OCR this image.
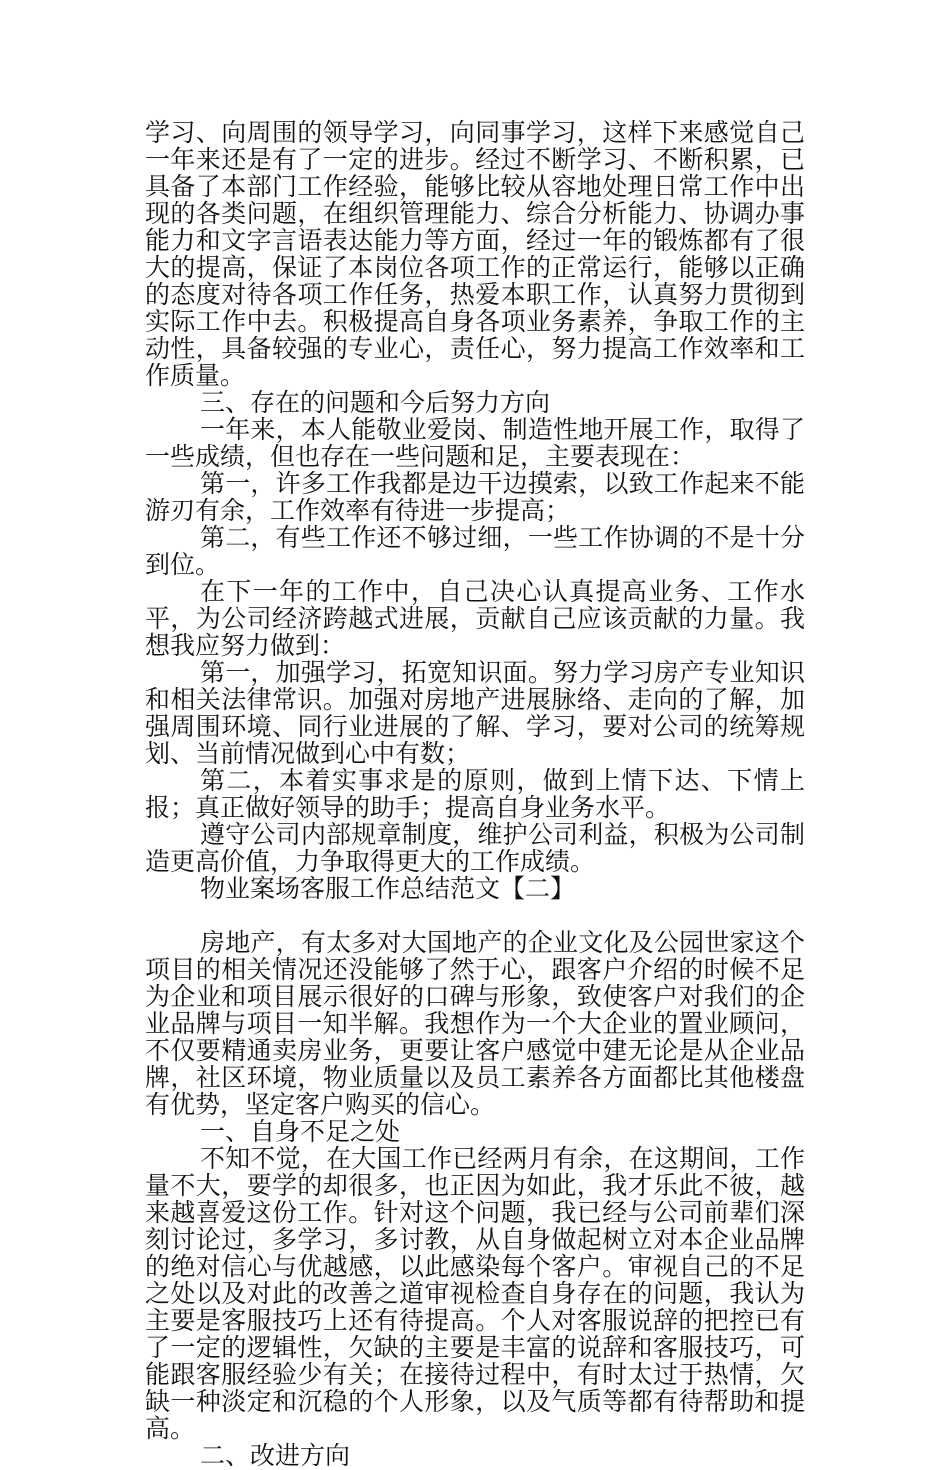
学习、向周围的领导学习，向同事学习，这样下来感觉自己一年来还是有了一定的进步。经过不断学习、不断积累，已具备了本部门工作经验，能够比较从容地处理日常工作中出现的各类问题，在组织管理能力、综合分析能力、协调办事能力和文字言语表达能力等方面，经过一年的锻炼都有了很大的提高，保证了本岗位各项工作的正常运行，能够以正确的态度对待各项工作任务，热爱本职工作，认真努力贯彻到实际工作中去。积极提高自身各项业务素养，争取工作的主动性，具备较强的专业心，责任心，努力提高工作效率和工作质量。

三、存在的问题和今后努力方向

一年来，本人能敬业爱岗、制造性地开展工作，取得了一些成绩，但也存在一些问题和足，主要表现在：

第一，许多工作我都是边干边摸索，以致工作起来不能游刃有余，工作效率有待进一步提高；

第二，有些工作还不够过细，一些工作协调的不是十分到位。

在下一年的工作中，自己决心认真提高业务、工作水平，为公司经济跨越式进展，贡献自己应该贡献的力量。我想我应努力做到：

第一，加强学习，拓宽知识面。努力学习房产专业知识和相关法律常识。加强对房地产进展脉络、走向的了解，加强周围环境、同行业进展的了解、学习，要对公司的统筹规划、当前情况做到心中有数；

第二，本着实事求是的原则，做到上情下达、下情上报；真正做好领导的助手；提高自身业务水平。

遵守公司内部规章制度，维护公司利益，积极为公司制造更高价值，力争取得更大的工作成绩。

物业案场客服工作总结范文【二】

房地产，有太多对大国地产的企业文化及公园世家这个项目的相关情况还没能够了然于心，跟客户介绍的时候不足为企业和项目展示很好的口碑与形象，致使客户对我们的企业品牌与项目一知半解。我想作为一个大企业的置业顾问，不仅要精通卖房业务，更要让客户感觉中建无论是从企业品牌，社区环境，物业质量以及员工素养各方面都比其他楼盘有优势，坚定客户购买的信心。

一、自身不足之处

不知不觉，在大国工作已经两月有余，在这期间，工作量不大，要学的却很多，也正因为如此，我才乐此不彼，越来越喜爱这份工作。针对这个问题，我已经与公司前辈们深刻讨论过，多学习，多讨教，从自身做起树立对本企业品牌的绝对信心与优越感，以此感染每个客户。审视自己的不足之处以及对此的改善之道审视检查自身存在的问题，我认为主要是客服技巧上还有待提高。个人对客服说辞的把控已有了一定的逻辑性，欠缺的主要是丰富的说辞和客服技巧，可能跟客服经验少有关；在接待过程中，有时太过于热情，欠缺一种淡定和沉稳的个人形象，以及气质等都有待帮助和提高。

二、改进方向
